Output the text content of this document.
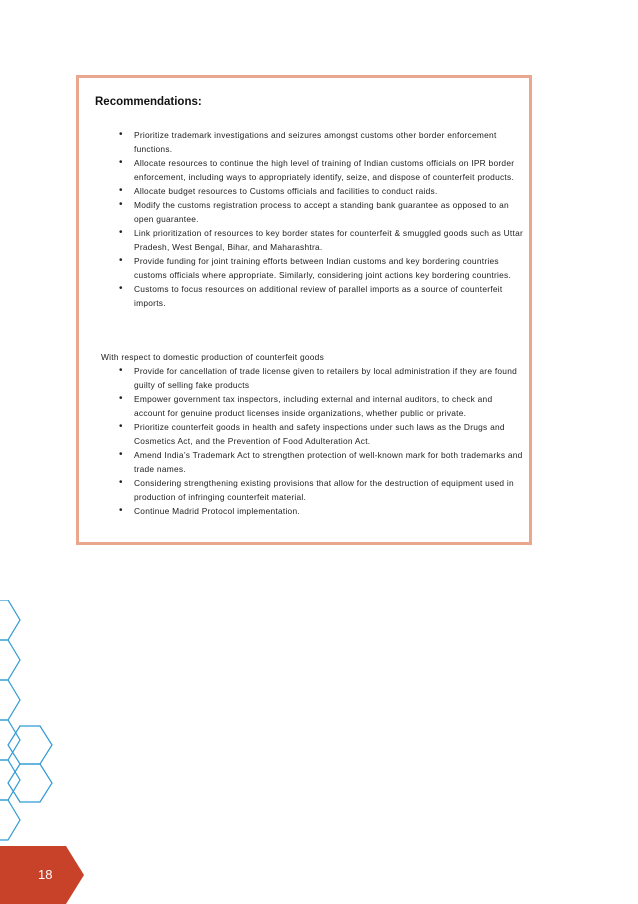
Recommendations:
• Prioritize trademark investigations and seizures amongst customs other border enforcement functions.
• Allocate resources to continue the high level of training of Indian customs officials on IPR border enforcement, including ways to appropriately identify, seize, and dispose of counterfeit products.
• Allocate budget resources to Customs officials and facilities to conduct raids.
• Modify the customs registration process to accept a standing bank guarantee as opposed to an open guarantee.
• Link prioritization of resources to key border states for counterfeit & smuggled goods such as Uttar Pradesh, West Bengal, Bihar, and Maharashtra.
• Provide funding for joint training efforts between Indian customs and key bordering countries customs officials where appropriate. Similarly, considering joint actions key bordering countries.
• Customs to focus resources on additional review of parallel imports as a source of counterfeit imports.

With respect to domestic production of counterfeit goods

• Provide for cancellation of trade license given to retailers by local administration if they are found guilty of selling fake products
• Empower government tax inspectors, including external and internal auditors, to check and account for genuine product licenses inside organizations, whether public or private.
• Prioritize counterfeit goods in health and safety inspections under such laws as the Drugs and Cosmetics Act, and the Prevention of Food Adulteration Act.
• Amend India’s Trademark Act to strengthen protection of well-known mark for both trademarks and trade names.
• Considering strengthening existing provisions that allow for the destruction of equipment used in production of infringing counterfeit material.
• Continue Madrid Protocol implementation.
18
